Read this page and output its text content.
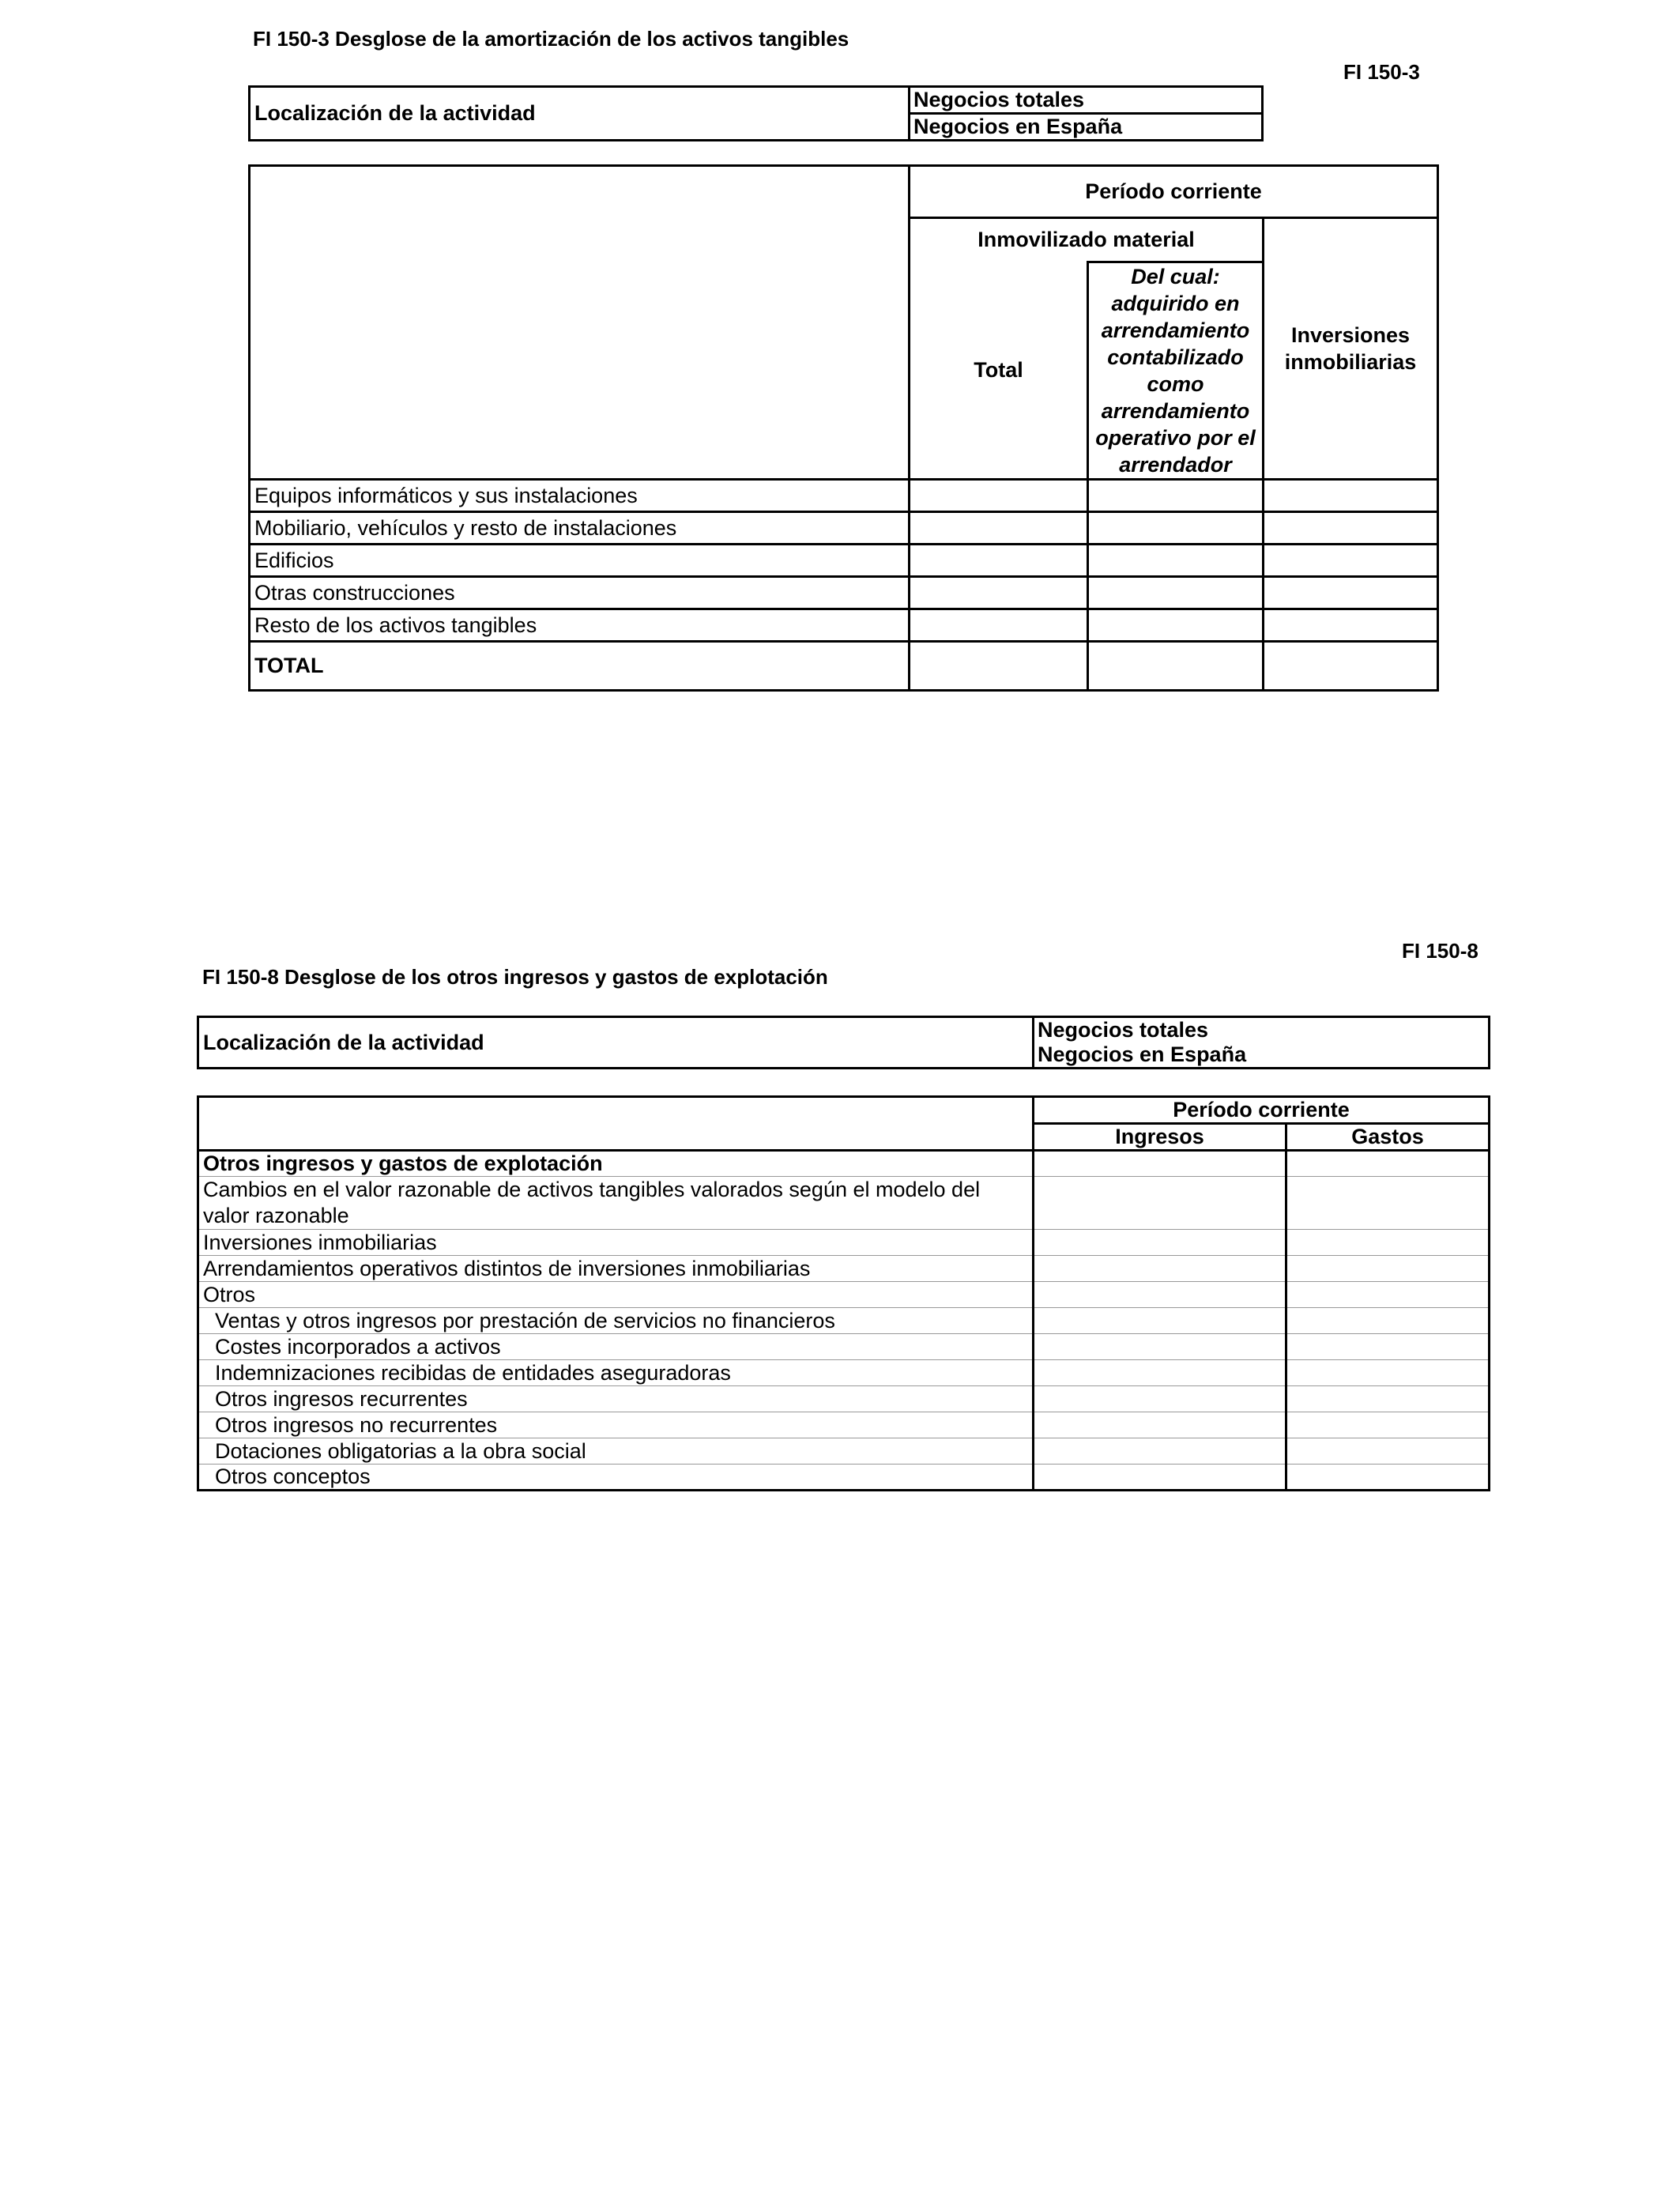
FI 150-3 Desglose de la amortización de los activos tangibles
FI 150-3
Localización de la actividad	Negocios totales
Negocios en España
	Período corriente		
	Inmovilizado material		Inversiones inmobiliarias
	Total	Del cual: adquirido en arrendamiento contabilizado como arrendamiento operativo por el arrendador	
Equipos informáticos y sus instalaciones			
Mobiliario, vehículos y resto de instalaciones			
Edificios			
Otras construcciones			
Resto de los activos tangibles			
TOTAL			
FI 150-8
FI 150-8 Desglose de los otros ingresos y gastos de explotación
Localización de la actividad	Negocios totales
Negocios en España
	Período corriente	
	Ingresos	Gastos
Otros ingresos y gastos de explotación		
Cambios en el valor razonable de activos tangibles valorados según el modelo del valor razonable		
Inversiones inmobiliarias		
Arrendamientos operativos distintos de inversiones inmobiliarias		
Otros		
Ventas y otros ingresos por prestación de servicios no financieros		
Costes incorporados a activos		
Indemnizaciones recibidas de entidades aseguradoras		
Otros ingresos recurrentes		
Otros ingresos no recurrentes		
Dotaciones obligatorias a la obra social		
Otros conceptos		
